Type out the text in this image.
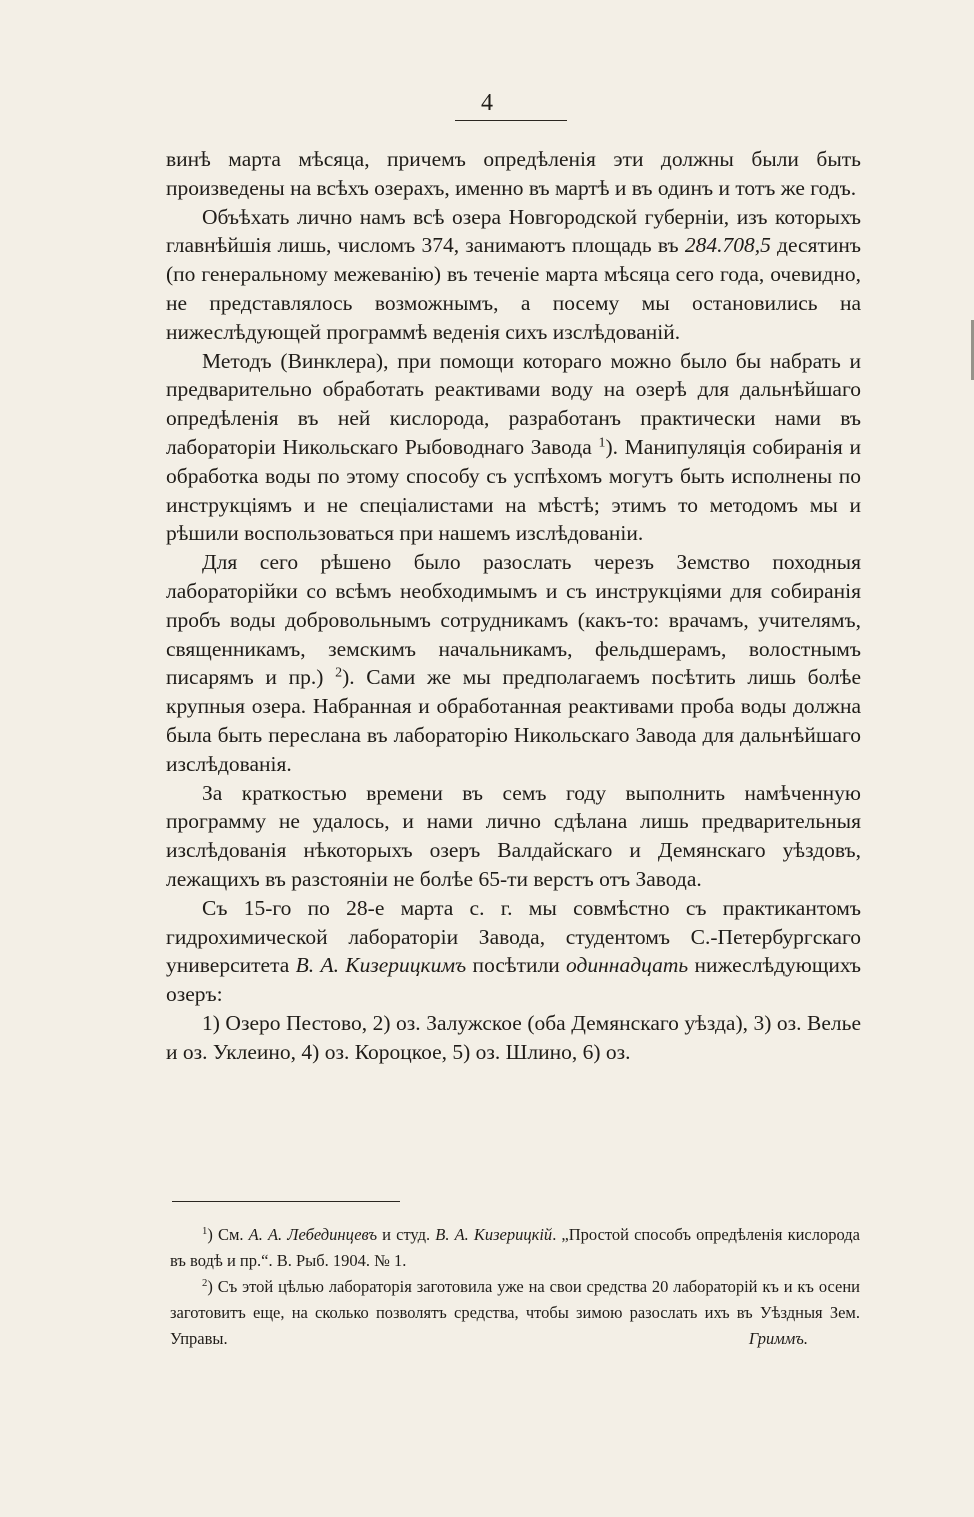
4

винѣ марта мѣсяца, причемъ опредѣленія эти должны были быть произведены на всѣхъ озерахъ, именно въ мартѣ и въ одинъ и тотъ же годъ.

Объѣхать лично намъ всѣ озера Новгородской губерніи, изъ которыхъ главнѣйшія лишь, числомъ 374, занимаютъ площадь въ 284.708,5 десятинъ (по генеральному межеванію) въ теченіе марта мѣсяца сего года, очевидно, не представлялось возможнымъ, а посему мы остановились на нижеслѣдующей программѣ веденія сихъ изслѣдованій.

Методъ (Винклера), при помощи котораго можно было бы набрать и предварительно обработать реактивами воду на озерѣ для дальнѣйшаго опредѣленія въ ней кислорода, разработанъ практически нами въ лабораторіи Никольскаго Рыбоводнаго Завода $^1$). Манипуляція собиранія и обработка воды по этому способу съ успѣхомъ могутъ быть исполнены по инструкціямъ и не спеціалистами на мѣстѣ; этимъ то методомъ мы и рѣшили воспользоваться при нашемъ изслѣдованіи.

Для сего рѣшено было разослать черезъ Земство походныя лабораторійки со всѣмъ необходимымъ и съ инструкціями для собиранія пробъ воды добровольнымъ сотрудникамъ (какъ-то: врачамъ, учителямъ, священникамъ, земскимъ начальникамъ, фельдшерамъ, волостнымъ писарямъ и пр.) $^2$). Сами же мы предполагаемъ посѣтить лишь болѣе крупныя озера. Набранная и обработанная реактивами проба воды должна была быть переслана въ лабораторію Никольскаго Завода для дальнѣйшаго изслѣдованія.

За краткостью времени въ семъ году выполнить намѣченную программу не удалось, и нами лично сдѣлана лишь предварительныя изслѣдованія нѣкоторыхъ озеръ Валдайскаго и Демянскаго уѣздовъ, лежащихъ въ разстояніи не болѣе 65-ти верстъ отъ Завода.

Съ 15-го по 28-е марта с. г. мы совмѣстно съ практикантомъ гидрохимической лабораторіи Завода, студентомъ С.-Петербургскаго университета В. А. Кизерицкимъ посѣтили одиннадцать нижеслѣдующихъ озеръ:

1) Озеро Пестово, 2) оз. Залужское (оба Демянскаго уѣзда), 3) оз. Велье и оз. Уклеино, 4) оз. Короцкое, 5) оз. Шлино, 6) оз.

$^1$) См. А. А. Лебединцевъ и студ. В. А. Кизерицкій. „Простой способъ опредѣленія кислорода въ водѣ и пр.“. В. Рыб. 1904. № 1.

$^2$) Съ этой цѣлью лабораторія заготовила уже на свои средства 20 лабораторій къ и къ осени заготовитъ еще, на сколько позволятъ средства, чтобы зимою разослать ихъ въ Уѣздныя Зем. Управы.	Гриммъ.
